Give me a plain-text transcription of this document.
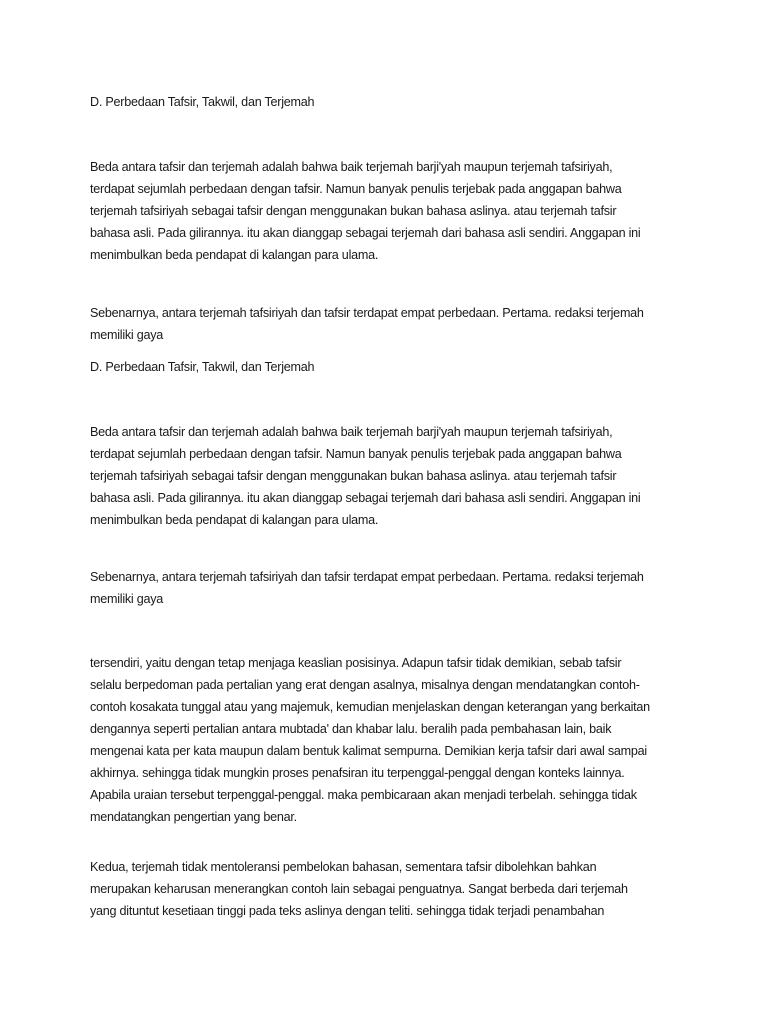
D. Perbedaan Tafsir, Takwil, dan Terjemah
Beda antara tafsir dan terjemah adalah bahwa baik terjemah barji'yah maupun terjemah tafsiriyah,
terdapat sejumlah perbedaan dengan tafsir. Namun banyak penulis terjebak pada anggapan bahwa
terjemah tafsiriyah sebagai tafsir dengan menggunakan bukan bahasa aslinya. atau terjemah tafsir
bahasa asli. Pada gilirannya. itu akan dianggap sebagai terjemah dari bahasa asli sendiri. Anggapan ini
menimbulkan beda pendapat di kalangan para ulama.
Sebenarnya, antara terjemah tafsiriyah dan tafsir terdapat empat perbedaan. Pertama. redaksi terjemah
memiliki gaya
D. Perbedaan Tafsir, Takwil, dan Terjemah
Beda antara tafsir dan terjemah adalah bahwa baik terjemah barji'yah maupun terjemah tafsiriyah,
terdapat sejumlah perbedaan dengan tafsir. Namun banyak penulis terjebak pada anggapan bahwa
terjemah tafsiriyah sebagai tafsir dengan menggunakan bukan bahasa aslinya. atau terjemah tafsir
bahasa asli. Pada gilirannya. itu akan dianggap sebagai terjemah dari bahasa asli sendiri. Anggapan ini
menimbulkan beda pendapat di kalangan para ulama.
Sebenarnya, antara terjemah tafsiriyah dan tafsir terdapat empat perbedaan. Pertama. redaksi terjemah
memiliki gaya
tersendiri, yaitu dengan tetap menjaga keaslian posisinya. Adapun tafsir tidak demikian, sebab tafsir
selalu berpedoman pada pertalian yang erat dengan asalnya, misalnya dengan mendatangkan contoh-
contoh kosakata tunggal atau yang majemuk, kemudian menjelaskan dengan keterangan yang berkaitan
dengannya seperti pertalian antara mubtada' dan khabar lalu. beralih pada pembahasan lain, baik
mengenai kata per kata maupun dalam bentuk kalimat sempurna. Demikian kerja tafsir dari awal sampai
akhirnya. sehingga tidak mungkin proses penafsiran itu terpenggal-penggal dengan konteks lainnya.
Apabila uraian tersebut terpenggal-penggal. maka pembicaraan akan menjadi terbelah. sehingga tidak
mendatangkan pengertian yang benar.
Kedua, terjemah tidak mentoleransi pembelokan bahasan, sementara tafsir dibolehkan bahkan
merupakan keharusan menerangkan contoh lain sebagai penguatnya. Sangat berbeda dari terjemah
yang dituntut kesetiaan tinggi pada teks aslinya dengan teliti. sehingga tidak terjadi penambahan
